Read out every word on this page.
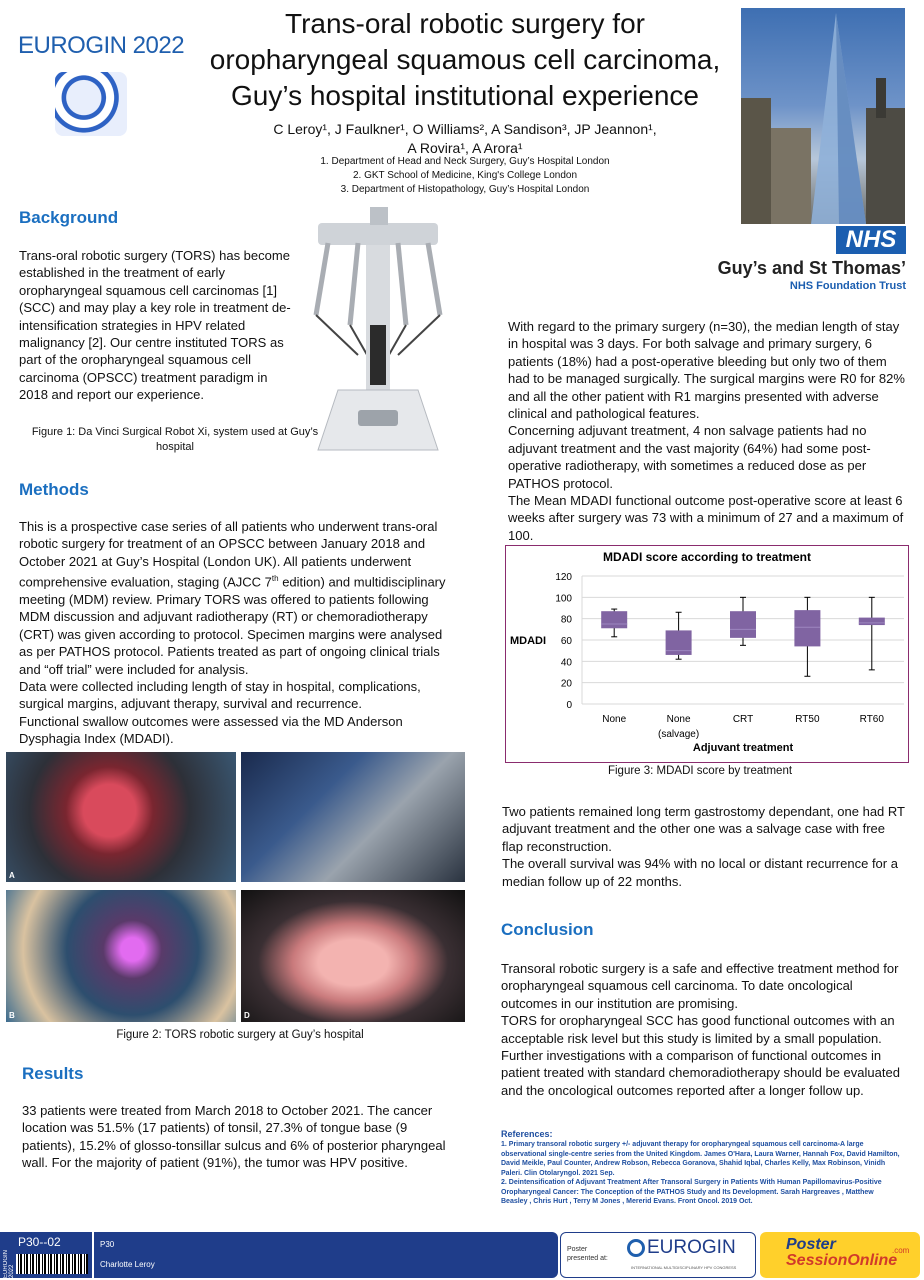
EUROGIN 2022
Trans-oral robotic surgery for
oropharyngeal squamous cell carcinoma,
Guy’s hospital institutional experience
C Leroy¹, J Faulkner¹, O Williams², A Sandison³, JP Jeannon¹,
A Rovira¹, A Arora¹
1. Department of Head and Neck Surgery, Guy’s Hospital London
2. GKT School of Medicine, King's College London
3. Department of Histopathology, Guy’s Hospital London
NHS
Guy’s and St Thomas’
NHS Foundation Trust
Background
Trans-oral robotic surgery (TORS) has become established in the treatment of early oropharyngeal squamous cell carcinomas [1] (SCC) and may play a key role in treatment de-intensification strategies in HPV related malignancy [2]. Our centre instituted TORS as part of the oropharyngeal squamous cell carcinoma (OPSCC) treatment paradigm in 2018 and report our experience.
Figure 1: Da Vinci Surgical Robot Xi, system used at Guy’s hospital
Methods
This is a prospective case series of all patients who underwent trans-oral robotic surgery for treatment of an OPSCC between January 2018 and October 2021 at Guy’s Hospital (London UK). All patients underwent comprehensive evaluation, staging (AJCC 7th edition) and multidisciplinary meeting (MDM) review. Primary TORS was offered to patients following MDM discussion and adjuvant radiotherapy (RT) or chemoradiotherapy (CRT) was given according to protocol. Specimen margins were analysed as per PATHOS protocol. Patients treated as part of ongoing clinical trials and “off trial” were included for analysis.
Data were collected including length of stay in hospital, complications, surgical margins, adjuvant therapy, survival and recurrence.
Functional swallow outcomes were assessed via the MD Anderson Dysphagia Index (MDADI).
A
B	D
Figure 2: TORS robotic surgery at Guy’s hospital
Results
33 patients were treated from March 2018 to October 2021. The cancer location was 51.5% (17 patients) of tonsil, 27.3% of tongue base (9 patients), 15.2% of glosso-tonsillar sulcus and 6% of posterior pharyngeal wall. For the majority of patient (91%), the tumor was HPV positive.
With regard to the primary surgery (n=30), the median length of stay in hospital was 3 days. For both salvage and primary surgery, 6 patients (18%) had a post-operative bleeding but only two of them had to be managed surgically. The surgical margins were R0 for 82% and all the other patient with R1 margins presented with adverse clinical and pathological features.
Concerning adjuvant treatment, 4 non salvage patients had no adjuvant treatment and the vast majority (64%) had some post-operative radiotherapy, with sometimes a reduced dose as per PATHOS protocol.
The Mean MDADI functional outcome post-operative score at least 6 weeks after surgery was 73 with a minimum of 27 and a maximum of 100.
MDADI score according to treatment
0
20
40
60
80
100
120
MDADI
None	None
(salvage)
CRT	RT50	RT60
Adjuvant treatment
Figure 3: MDADI score by treatment
Two patients remained long term gastrostomy dependant, one had RT adjuvant treatment and the other one was a salvage case with free flap reconstruction.
The overall survival was 94% with no local or distant recurrence for a median follow up of 22 months.
Conclusion
Transoral robotic surgery is a safe and effective treatment method for oropharyngeal squamous cell carcinoma. To date oncological outcomes in our institution are promising.
TORS for oropharyngeal SCC has good functional outcomes with an acceptable risk level but this study is limited by a small population. Further investigations with a comparison of functional outcomes in patient treated with standard chemoradiotherapy should be evaluated and the oncological outcomes reported after a longer follow up.
References:
1. Primary transoral robotic surgery +/- adjuvant therapy for oropharyngeal squamous cell carcinoma-A large observational single-centre series from the United Kingdom. James O'Hara, Laura Warner, Hannah Fox, David Hamilton, David Meikle, Paul Counter, Andrew Robson, Rebecca Goranova, Shahid Iqbal, Charles Kelly, Max Robinson, Vinidh Paleri. Clin Otolaryngol. 2021 Sep.
2. Deintensification of Adjuvant Treatment After Transoral Surgery in Patients With Human Papillomavirus-Positive Oropharyngeal Cancer: The Conception of the PATHOS Study and Its Development. Sarah Hargreaves , Matthew Beasley , Chris Hurt , Terry M Jones , Mererid Evans. Front Oncol. 2019 Oct.
EUROGIN 2022
P30--02	P30
Charlotte Leroy
Poster
presented at:
EUROGIN
INTERNATIONAL MULTIDISCIPLINARY HPV CONGRESS
Poster
SessionOnline
.com
